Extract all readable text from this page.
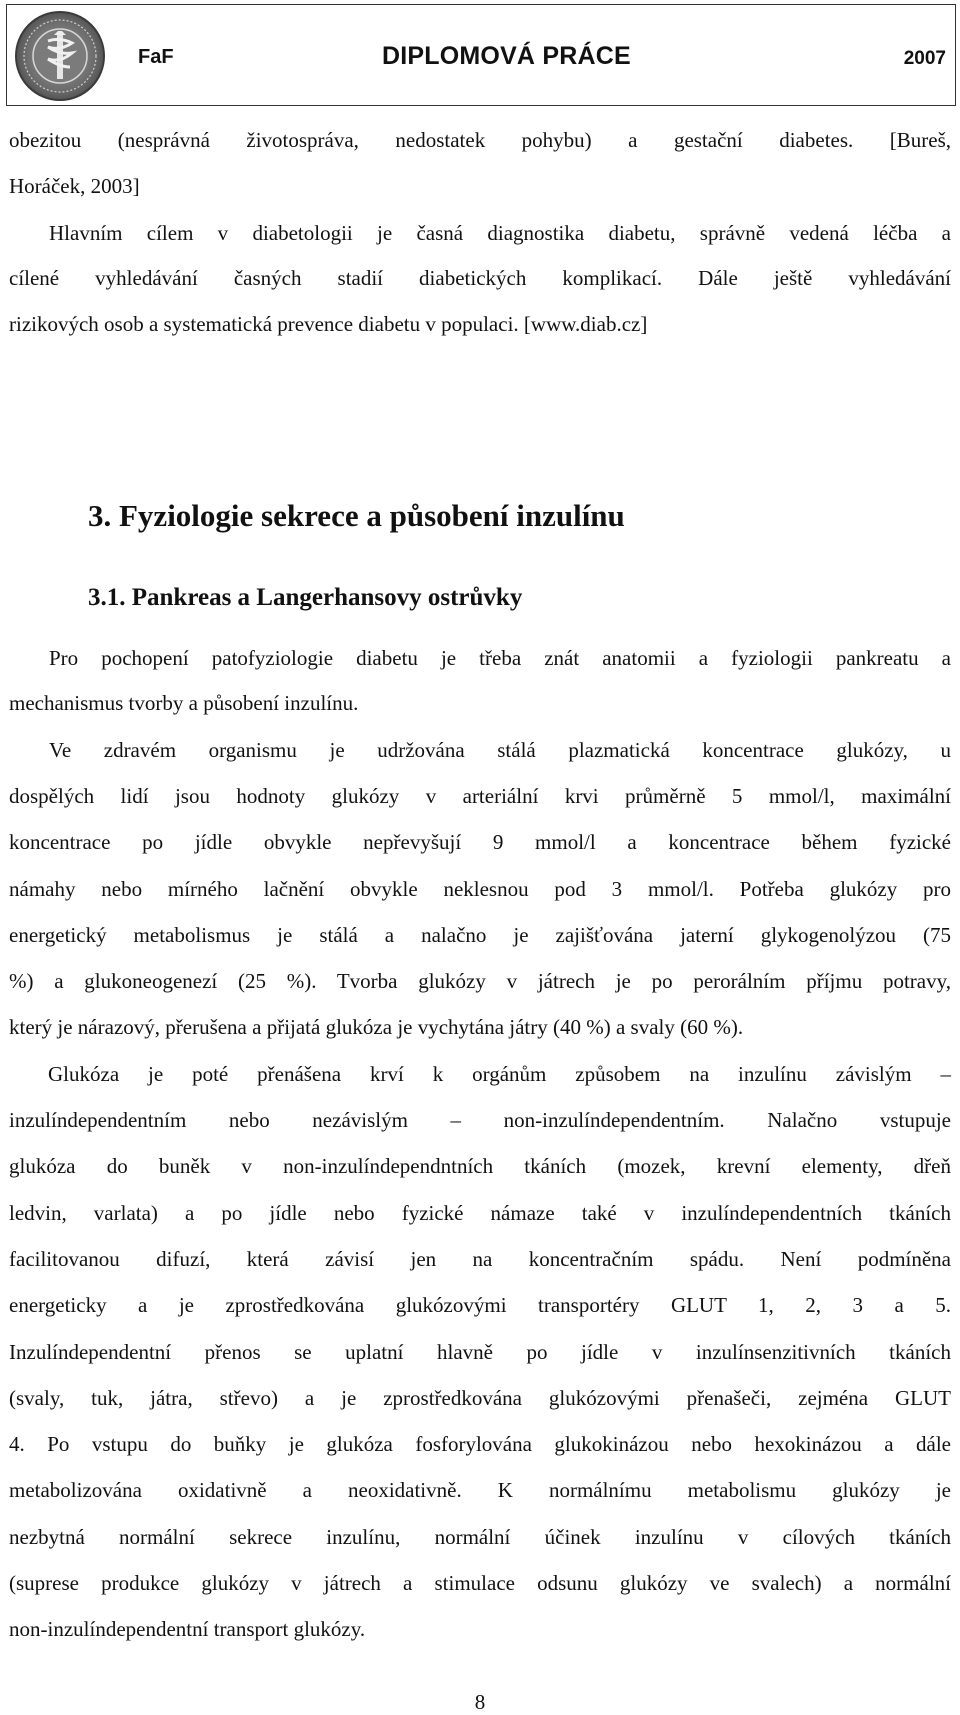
FaF	DIPLOMOVÁ PRÁCE	2007
obezitou (nesprávná životospráva, nedostatek pohybu) a gestační diabetes. [Bureš,
Horáček, 2003]
Hlavním cílem v diabetologii je časná diagnostika diabetu, správně vedená léčba a
cílené vyhledávání časných stadií diabetických komplikací. Dále ještě vyhledávání
rizikových osob a systematická prevence diabetu v populaci. [www.diab.cz]
3. Fyziologie sekrece a působení inzulínu
3.1. Pankreas a Langerhansovy ostrůvky
Pro pochopení patofyziologie diabetu je třeba znát anatomii a fyziologii pankreatu a
mechanismus tvorby a působení inzulínu.
Ve zdravém organismu je udržována stálá plazmatická koncentrace glukózy, u
dospělých lidí jsou hodnoty glukózy v arteriální krvi průměrně 5 mmol/l, maximální
koncentrace po jídle obvykle nepřevyšují 9 mmol/l a koncentrace během fyzické
námahy nebo mírného lačnění obvykle neklesnou pod 3 mmol/l. Potřeba glukózy pro
energetický metabolismus je stálá a nalačno je zajišťována jaterní glykogenolýzou (75
%) a glukoneogenezí (25 %). Tvorba glukózy v játrech je po perorálním příjmu potravy,
který je nárazový, přerušena a přijatá glukóza je vychytána játry (40 %) a svaly (60 %).
Glukóza je poté přenášena krví k orgánům způsobem na inzulínu závislým –
inzulíndependentním nebo nezávislým – non-inzulíndependentním. Nalačno vstupuje
glukóza do buněk v non-inzulíndependntních tkáních (mozek, krevní elementy, dřeň
ledvin, varlata) a po jídle nebo fyzické námaze také v inzulíndependentních tkáních
facilitovanou difuzí, která závisí jen na koncentračním spádu. Není podmíněna
energeticky a je zprostředkována glukózovými transportéry GLUT 1, 2, 3 a 5.
Inzulíndependentní přenos se uplatní hlavně po jídle v inzulínsenzitivních tkáních
(svaly, tuk, játra, střevo) a je zprostředkována glukózovými přenašeči, zejména GLUT
4. Po vstupu do buňky je glukóza fosforylována glukokinázou nebo hexokinázou a dále
metabolizována oxidativně a neoxidativně. K normálnímu metabolismu glukózy je
nezbytná normální sekrece inzulínu, normální účinek inzulínu v cílových tkáních
(suprese produkce glukózy v játrech a stimulace odsunu glukózy ve svalech) a normální
non-inzulíndependentní transport glukózy.
8
